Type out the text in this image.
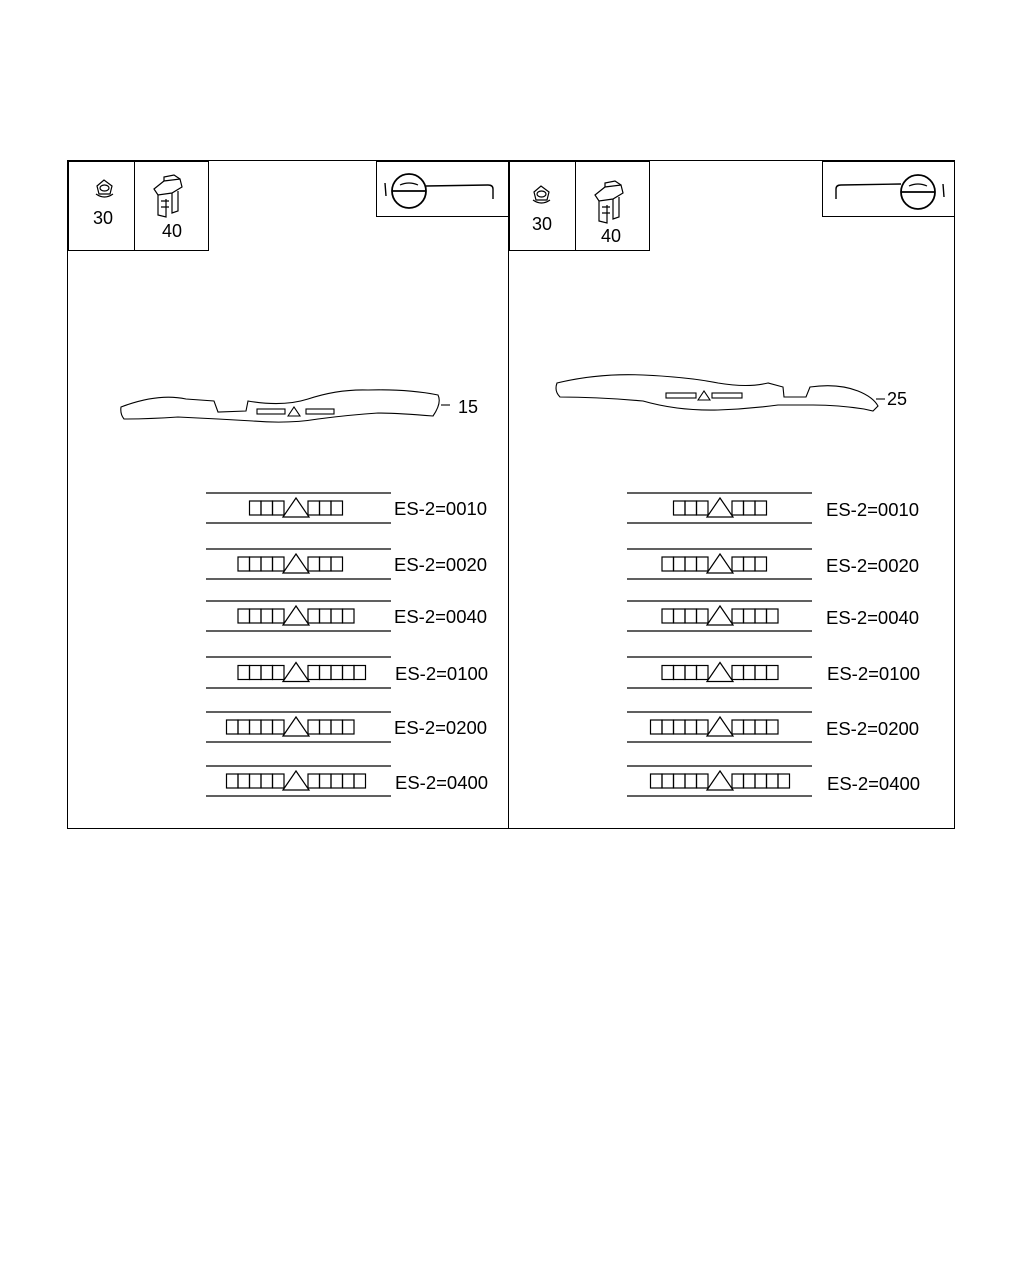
30
40
15
ES-2=0010
ES-2=0020
ES-2=0040
ES-2=0100
ES-2=0200
ES-2=0400
30
40
25
ES-2=0010
ES-2=0020
ES-2=0040
ES-2=0100
ES-2=0200
ES-2=0400
